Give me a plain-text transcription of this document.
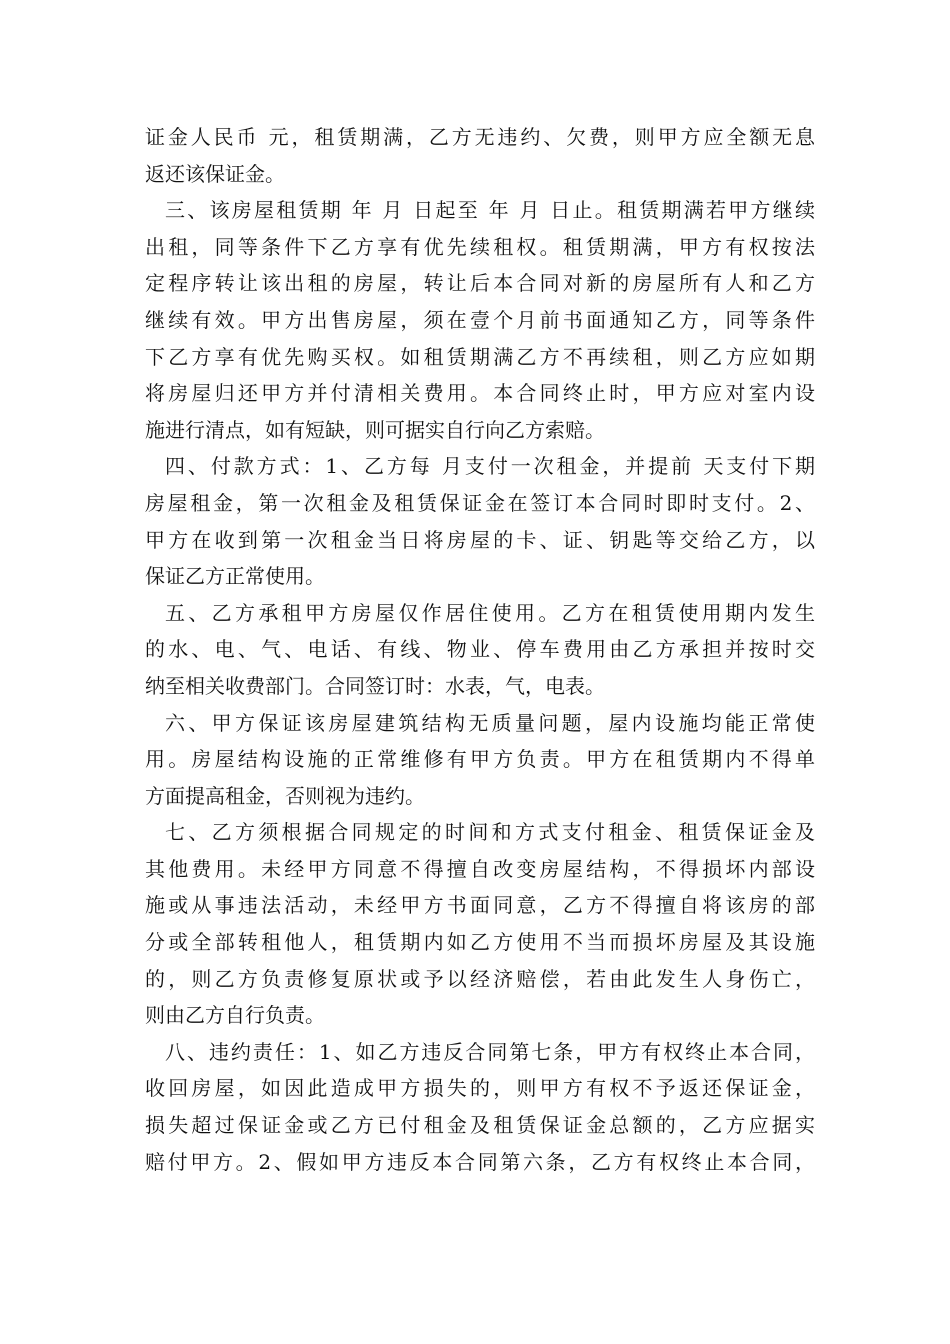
证金人民币 元，租赁期满，乙方无违约、欠费，则甲方应全额无息
返还该保证金。
三、该房屋租赁期 年 月 日起至 年 月 日止。租赁期满若甲方继续
出租，同等条件下乙方享有优先续租权。租赁期满，甲方有权按法
定程序转让该出租的房屋，转让后本合同对新的房屋所有人和乙方
继续有效。甲方出售房屋，须在壹个月前书面通知乙方，同等条件
下乙方享有优先购买权。如租赁期满乙方不再续租，则乙方应如期
将房屋归还甲方并付清相关费用。本合同终止时，甲方应对室内设
施进行清点，如有短缺，则可据实自行向乙方索赔。
四、付款方式：1、乙方每 月支付一次租金，并提前 天支付下期
房屋租金，第一次租金及租赁保证金在签订本合同时即时支付。2、
甲方在收到第一次租金当日将房屋的卡、证、钥匙等交给乙方，以
保证乙方正常使用。
五、乙方承租甲方房屋仅作居住使用。乙方在租赁使用期内发生
的水、电、气、电话、有线、物业、停车费用由乙方承担并按时交
纳至相关收费部门。合同签订时：水表，气，电表。
六、甲方保证该房屋建筑结构无质量问题，屋内设施均能正常使
用。房屋结构设施的正常维修有甲方负责。甲方在租赁期内不得单
方面提高租金，否则视为违约。
七、乙方须根据合同规定的时间和方式支付租金、租赁保证金及
其他费用。未经甲方同意不得擅自改变房屋结构，不得损坏内部设
施或从事违法活动，未经甲方书面同意，乙方不得擅自将该房的部
分或全部转租他人，租赁期内如乙方使用不当而损坏房屋及其设施
的，则乙方负责修复原状或予以经济赔偿，若由此发生人身伤亡，
则由乙方自行负责。
八、违约责任：1、如乙方违反合同第七条，甲方有权终止本合同，
收回房屋，如因此造成甲方损失的，则甲方有权不予返还保证金，
损失超过保证金或乙方已付租金及租赁保证金总额的，乙方应据实
赔付甲方。2、假如甲方违反本合同第六条，乙方有权终止本合同，
